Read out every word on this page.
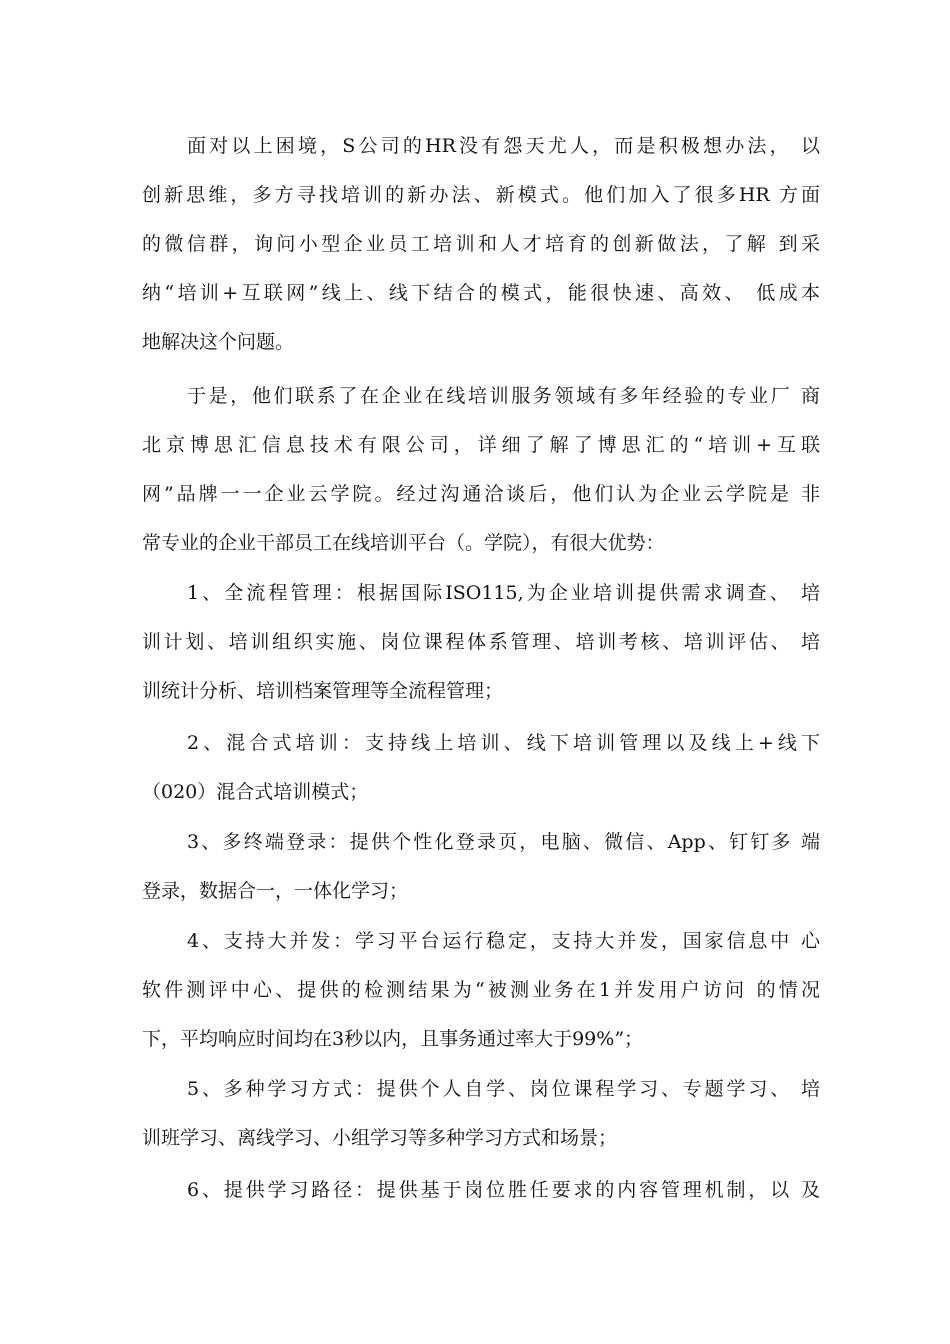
面对以上困境，S公司的HR没有怨天尤人，而是积极想办法， 以
创新思维，多方寻找培训的新办法、新模式。他们加入了很多HR 方面
的微信群，询问小型企业员工培训和人才培育的创新做法，了解 到采
纳“培训+互联网”线上、线下结合的模式，能很快速、高效、 低成本
地解决这个问题。
于是，他们联系了在企业在线培训服务领域有多年经验的专业厂 商
北京博思汇信息技术有限公司，详细了解了博思汇的“培训+互联
网”品牌一一企业云学院。经过沟通洽谈后，他们认为企业云学院是 非
常专业的企业干部员工在线培训平台（。学院），有很大优势：
1、全流程管理：根据国际ISO115,为企业培训提供需求调查、 培
训计划、培训组织实施、岗位课程体系管理、培训考核、培训评估、 培
训统计分析、培训档案管理等全流程管理；
2、混合式培训：支持线上培训、线下培训管理以及线上+线下
（020）混合式培训模式；
3、多终端登录：提供个性化登录页，电脑、微信、App、钉钉多 端
登录，数据合一，一体化学习；
4、支持大并发：学习平台运行稳定，支持大并发，国家信息中 心
软件测评中心、提供的检测结果为“被测业务在1并发用户访问 的情况
下，平均响应时间均在3秒以内，且事务通过率大于99%”；
5、多种学习方式：提供个人自学、岗位课程学习、专题学习、 培
训班学习、离线学习、小组学习等多种学习方式和场景；
6、提供学习路径：提供基于岗位胜任要求的内容管理机制，以 及
